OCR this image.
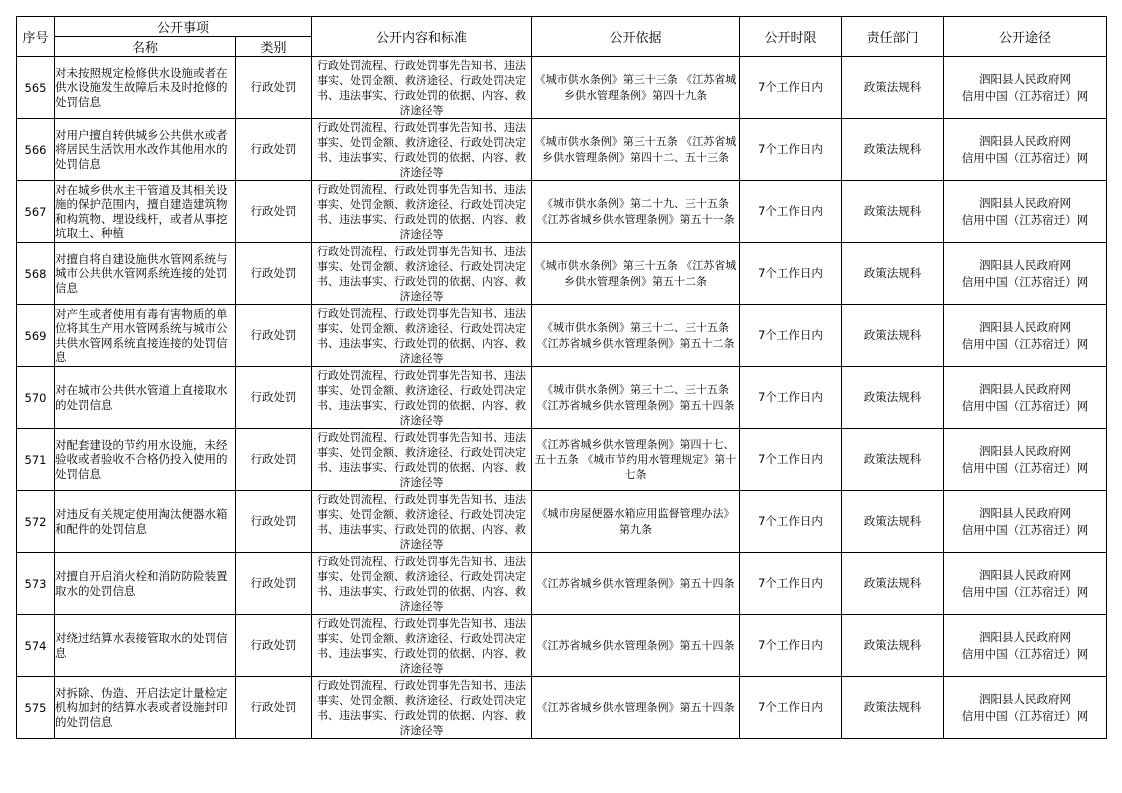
序号	公开事项		公开内容和标准	公开依据	公开时限	责任部门	公开途径
	名称	类别					
565	对未按照规定检修供水设施或者在供水设施发生故障后未及时抢修的处罚信息	行政处罚	行政处罚流程、行政处罚事先告知书、违法事实、处罚金额、救济途径、行政处罚决定书、违法事实、行政处罚的依据、内容、救济途径等	《城市供水条例》第三十三条 《江苏省城乡供水管理条例》第四十九条	7个工作日内	政策法规科	泗阳县人民政府网
信用中国（江苏宿迁）网

566	对用户擅自转供城乡公共供水或者将居民生活饮用水改作其他用水的处罚信息	行政处罚	行政处罚流程、行政处罚事先告知书、违法事实、处罚金额、救济途径、行政处罚决定书、违法事实、行政处罚的依据、内容、救济途径等	《城市供水条例》第三十五条 《江苏省城乡供水管理条例》第四十二、五十三条	7个工作日内	政策法规科	泗阳县人民政府网
信用中国（江苏宿迁）网

567	对在城乡供水主干管道及其相关设施的保护范围内，擅自建造建筑物和构筑物、埋设线杆，或者从事挖坑取土、种植	行政处罚	行政处罚流程、行政处罚事先告知书、违法事实、处罚金额、救济途径、行政处罚决定书、违法事实、行政处罚的依据、内容、救济途径等	《城市供水条例》第二十九、三十五条 《江苏省城乡供水管理条例》第五十一条	7个工作日内	政策法规科	泗阳县人民政府网
信用中国（江苏宿迁）网

568	对擅自将自建设施供水管网系统与城市公共供水管网系统连接的处罚信息	行政处罚	行政处罚流程、行政处罚事先告知书、违法事实、处罚金额、救济途径、行政处罚决定书、违法事实、行政处罚的依据、内容、救济途径等	《城市供水条例》第三十五条 《江苏省城乡供水管理条例》第五十二条	7个工作日内	政策法规科	泗阳县人民政府网
信用中国（江苏宿迁）网

569	对产生或者使用有毒有害物质的单位将其生产用水管网系统与城市公共供水管网系统直接连接的处罚信息	行政处罚	行政处罚流程、行政处罚事先告知书、违法事实、处罚金额、救济途径、行政处罚决定书、违法事实、行政处罚的依据、内容、救济途径等	《城市供水条例》第三十二、三十五条 《江苏省城乡供水管理条例》第五十二条	7个工作日内	政策法规科	泗阳县人民政府网
信用中国（江苏宿迁）网

570	对在城市公共供水管道上直接取水的处罚信息	行政处罚	行政处罚流程、行政处罚事先告知书、违法事实、处罚金额、救济途径、行政处罚决定书、违法事实、行政处罚的依据、内容、救济途径等	《城市供水条例》第三十二、三十五条 《江苏省城乡供水管理条例》第五十四条	7个工作日内	政策法规科	泗阳县人民政府网
信用中国（江苏宿迁）网

571	对配套建设的节约用水设施，未经验收或者验收不合格仍投入使用的处罚信息	行政处罚	行政处罚流程、行政处罚事先告知书、违法事实、处罚金额、救济途径、行政处罚决定书、违法事实、行政处罚的依据、内容、救济途径等	《江苏省城乡供水管理条例》第四十七、五十五条 《城市节约用水管理规定》第十七条	7个工作日内	政策法规科	泗阳县人民政府网
信用中国（江苏宿迁）网

572	对违反有关规定使用淘汰便器水箱和配件的处罚信息	行政处罚	行政处罚流程、行政处罚事先告知书、违法事实、处罚金额、救济途径、行政处罚决定书、违法事实、行政处罚的依据、内容、救济途径等	《城市房屋便器水箱应用监督管理办法》第九条	7个工作日内	政策法规科	泗阳县人民政府网
信用中国（江苏宿迁）网

573	对擅自开启消火栓和消防防险装置取水的处罚信息	行政处罚	行政处罚流程、行政处罚事先告知书、违法事实、处罚金额、救济途径、行政处罚决定书、违法事实、行政处罚的依据、内容、救济途径等	《江苏省城乡供水管理条例》第五十四条	7个工作日内	政策法规科	泗阳县人民政府网
信用中国（江苏宿迁）网

574	对绕过结算水表接管取水的处罚信息	行政处罚	行政处罚流程、行政处罚事先告知书、违法事实、处罚金额、救济途径、行政处罚决定书、违法事实、行政处罚的依据、内容、救济途径等	《江苏省城乡供水管理条例》第五十四条	7个工作日内	政策法规科	泗阳县人民政府网
信用中国（江苏宿迁）网

575	对拆除、伪造、开启法定计量检定机构加封的结算水表或者设施封印的处罚信息	行政处罚	行政处罚流程、行政处罚事先告知书、违法事实、处罚金额、救济途径、行政处罚决定书、违法事实、行政处罚的依据、内容、救济途径等	《江苏省城乡供水管理条例》第五十四条	7个工作日内	政策法规科	泗阳县人民政府网
信用中国（江苏宿迁）网
